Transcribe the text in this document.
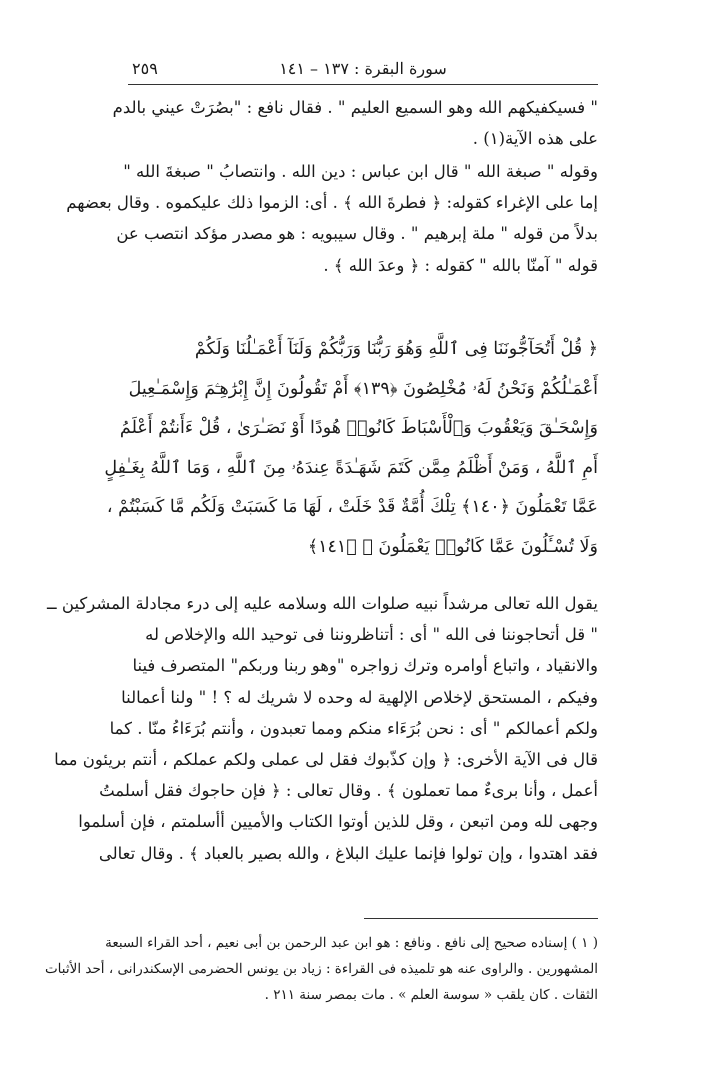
سورة البقرة : ١٣٧ – ١٤١
٢٥٩
" فسيكفيكهم الله وهو السميع العليم " . فقال نافع : "بصُرَتْ عيني بالدم
على هذه الآية(١) .
وقوله " صبغة الله " قال ابن عباس : دين الله . وانتصابُ " صبغةَ الله "
إما على الإغراء كقوله: ﴿ فطرةَ الله ﴾ . أى: الزموا ذلك عليكموه . وقال بعضهم
بدلاً من قوله " ملة إبرهيم " . وقال سيبويه : هو مصدر مؤكد انتصب عن
قوله " آمنّا بالله " كقوله : ﴿ وعدَ الله ﴾ .
﴿ قُلْ أَتُحَآجُّونَنَا فِى ٱللَّهِ وَهُوَ رَبُّنَا وَرَبُّكُمْ وَلَنَآ أَعْمَـٰلُنَا وَلَكُمْ
أَعْمَـٰلُكُمْ وَنَحْنُ لَهُۥ مُخْلِصُونَ ﴿١٣٩﴾ أَمْ تَقُولُونَ إِنَّ إِبْرَٰهِـۧمَ وَإِسْمَـٰعِيلَ
وَإِسْحَـٰقَ وَيَعْقُوبَ وَٱلْأَسْبَاطَ كَانُوا۟ هُودًا أَوْ نَصَـٰرَىٰ ، قُلْ ءَأَنتُمْ أَعْلَمُ
أَمِ ٱللَّهُ ، وَمَنْ أَظْلَمُ مِمَّن كَتَمَ شَهَـٰدَةً عِندَهُۥ مِنَ ٱللَّهِ ، وَمَا ٱللَّهُ بِغَـٰفِلٍ
عَمَّا تَعْمَلُونَ ﴿١٤٠﴾ تِلْكَ أُمَّةٌ قَدْ خَلَتْ ، لَهَا مَا كَسَبَتْ وَلَكُم مَّا كَسَبْتُمْ ،
وَلَا تُسْـَٔلُونَ عَمَّا كَانُوا۟ يَعْمَلُونَ ﴾ ﴿١٤١﴾
يقول الله تعالى مرشداً نبيه صلوات الله وسلامه عليه إلى درء مجادلة المشركين ــ
" قل أتحاجوننا فى الله " أى : أتناظروننا فى توحيد الله والإخلاص له
والانقياد ، واتباع أوامره وترك زواجره "وهو ربنا وربكم" المتصرف فينا
وفيكم ، المستحق لإخلاص الإلهية له وحده لا شريك له ؟ ! " ولنا أعمالنا
ولكم أعمالكم " أى : نحن بُرَءَاء منكم ومما تعبدون ، وأنتم بُرَءَاءُ منّا . كما
قال فى الآية الأخرى: ﴿ وإن كذّبوك فقل لى عملى ولكم عملكم ، أنتم بريئون مما
أعمل ، وأنا برىءٌ مما تعملون ﴾ . وقال تعالى : ﴿ فإن حاجوك فقل أسلمتُ
وجهى لله ومن اتبعن ، وقل للذين أوتوا الكتاب والأميين أأسلمتم ، فإن أسلموا
فقد اهتدوا ، وإن تولوا فإنما عليك البلاغ ، والله بصير بالعباد ﴾ . وقال تعالى
( ١ ) إسناده صحيح إلى نافع . ونافع : هو ابن عبد الرحمن بن أبى نعيم ، أحد القراء السبعة
المشهورين . والراوى عنه هو تلميذه فى القراءة : زياد بن يونس الحضرمى الإسكندرانى ، أحد الأثبات
الثقات . كان يلقب « سوسة العلم » . مات بمصر سنة ٢١١ .
